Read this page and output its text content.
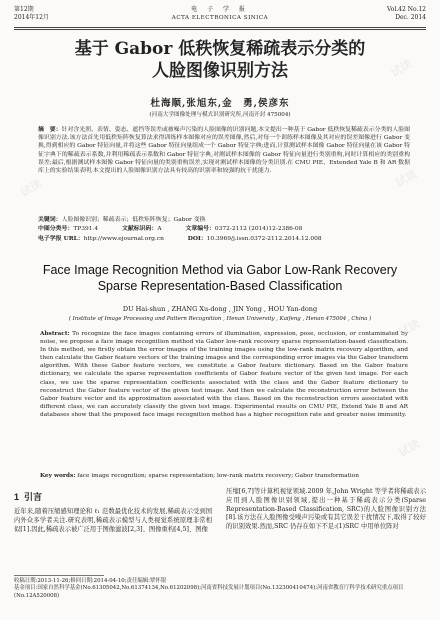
第12期
2014年12月
电 子 学 报
ACTA ELECTRONICA SINICA
Vol.42 No.12
Dec. 2014
基于 Gabor 低秩恢复稀疏表示分类的
人脸图像识别方法
杜海顺,张旭东,金　勇,侯彦东
(河南大学图像处理与模式识别研究所,河南开封 475004)
摘　要：针对含光照、表情、姿态、遮挡等误差或被噪声污染的人脸图像的识别问题,本文提出一种基于 Gabor 低秩恢复稀疏表示分类的人脸图像识别方法.该方法首先用低秩矩阵恢复算法求得训练样本图像对应的误差图像,然后,对每一个训练样本图像及其对应的误差图像进行 Gabor 变换,得到相应的 Gabor 特征向量,并将这些 Gabor 特征向量组成一个 Gabor 特征字典;进而,计算测试样本图像 Gabor 特征向量在该 Gabor 特征字典下的稀疏表示系数,并利用稀疏表示系数和 Gabor 特征字典,对测试样本图像的 Gabor 特征向量进行类别重构,同时计算相应的类别重构误差;最后,根据测试样本图像 Gabor 特征向量的类别重构误差,实现对测试样本图像的分类识别.在 CMU PIE、Extended Yale B 和 AR 数据库上的实验结果表明,本文提出的人脸图像识别方法具有较高的识别率和较强的抗干扰能力.
关键词：人脸图像识别；稀疏表示；低秩矩阵恢复；Gabor 变换
中图分类号：TP391.4	文献标识码：A	文章编号：0372-2112 (2014)12-2386-08
电子学报 URL：http://www.ejournal.org.cn	DOI：10.3969/j.issn.0372-2112.2014.12.008
Face Image Recognition Method via Gabor Low-Rank Recovery
Sparse Representation-Based Classification
DU Hai-shun , ZHANG Xu-dong , JIN Yong , HOU Yan-dong
( Institute of Image Processing and Pattern Recognition , Henan University , Kaifeng , Henan 475004 , China )
Abstract: To recognize the face images containing errors of illumination, expression, pose, occlusion, or contaminated by noise, we propose a face image recognition method via Gabor low-rank recovery sparse representation-based classification. In this method, we firstly obtain the error images of the training images using the low-rank matrix recovery algorithm, and then calculate the Gabor feature vectors of the training images and the corresponding error images via the Gabor transform algorithm. With these Gabor feature vectors, we constitute a Gabor feature dictionary. Based on the Gabor feature dictionary, we calculate the sparse representation coefficients of Gabor feature vector of the given test image. For each class, we use the sparse representation coefficients associated with the class and the Gabor feature dictionary to reconstruct the Gabor feature vector of the given test image. And then we calculate the reconstruction error between the Gabor feature vector and its approximation associated with the class. Based on the reconstruction errors associated with different class, we can accurately classify the given test image. Experimental results on CMU PIE, Extend Yale B and AR databases show that the proposed face image recognition method has a higher recognition rate and greater noise immunity.
Key words: face image recognition; sparse representation; low-rank matrix recovery; Gabor transformation
1 引言
近年来,随着压缩感知理论和 ℓ₁ 范数最优化技术的发展,稀疏表示受到国内外众多学者关注.研究表明,稀疏表示模型与人类视觉系统原理非常相似[1].因此,稀疏表示被广泛用于图像滤波[2,3]、图像重构[4,5]、图像
压缩[6,7]等计算机视觉领域.2009 年,John Wright 等学者将稀疏表示应用到人脸图像识别领域,提出一种基于稀疏表示分类(Sparse Representation-Based Classification, SRC)的人脸图像识别方法[8].该方法在人脸图像受噪声污染或有其它误差干扰情况下,取得了较好的识别效果.然而,SRC 仍存在如下不足:(1)SRC 中用单位阵对
收稿日期:2013-11-26;修回日期:2014-04-10;责任编辑:覃怀银
基金项目:国家自然科学基金(No.61305042,No.61374134,No.61202098);河南省科技发展计划项目(No.132300410474);河南省教育厅科学技术研究重点项目(No.12A520008)
试读
试读
试读
试读
试读
